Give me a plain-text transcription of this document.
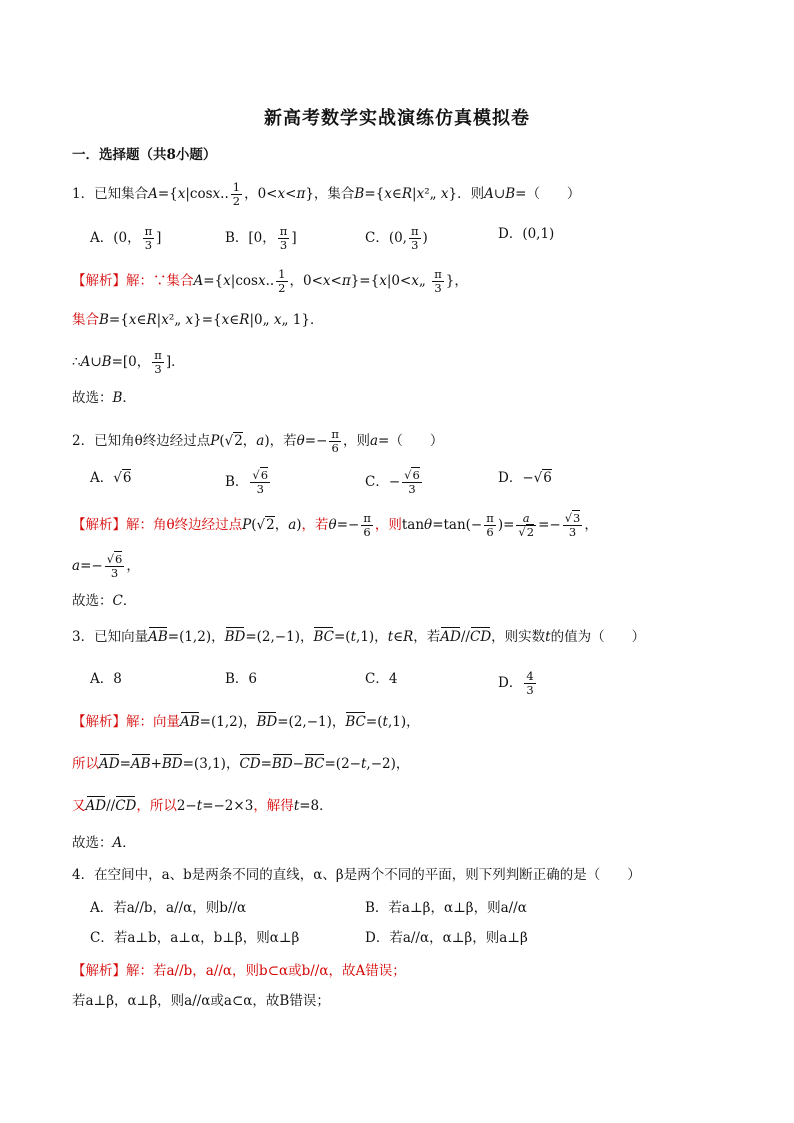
新高考数学实战演练仿真模拟卷
一．选择题（共8小题）
1．已知集合A={x|cosx.. $\frac{1}{2}$ ，0<x<π}，集合B={x∈R|x²„ x}．则A∪B=（　　）
A．(0， $\frac{\pi}{3}$ ]	B．[0， $\frac{\pi}{3}$ ]	C．(0, $\frac{\pi}{3}$ )	D．(0,1)
【解析】解：∵集合A={x|cosx.. $\frac{1}{2}$ ，0<x<π}={x|0<x„ $\frac{\pi}{3}$ }，
集合B={x∈R|x²„ x}={x∈R|0„ x„ 1}．
∴A∪B=[0， $\frac{\pi}{3}$ ]．
故选：B．
2．已知角θ终边经过点P(√2，a)，若$\theta=- \frac{\pi}{6}$ ，则a=（　　）
A．√6	B． $\frac{√6}{3}$	C．− $\frac{√6}{3}$	D．−√6
【解析】解：角θ终边经过点P(√2，a)，若$\theta=- \frac{\pi}{6}$ ，则$\tan\theta=\tan(- \frac{\pi}{6}$ )= $\frac{a}{√2} =- \frac{√3}{3}$ ，
$a=- \frac{√6}{3}$ ，
故选：C．
3．已知向量AB=(1,2)，BD=(2,−1)，BC=(t,1)，t∈R，若AD//CD，则实数t的值为（　　）
A．8	B．6	C．4	D． $\frac{4}{3}$
【解析】解：向量AB=(1,2)，BD=(2,−1)，BC=(t,1)，
所以AD=AB+BD=(3,1)，CD=BD−BC=(2−t,−2)，
又AD//CD，所以2−t=−2×3，解得t=8．
故选：A．
4．在空间中，a、b是两条不同的直线，α、β是两个不同的平面，则下列判断正确的是（　　）
A．若a//b，a//α，则b//α	B．若a⊥β，α⊥β，则a//α
C．若a⊥b，a⊥α，b⊥β，则α⊥β	D．若a//α，α⊥β，则a⊥β
【解析】解：若a//b，a//α，则b⊂α或b//α，故A错误；
若a⊥β，α⊥β，则a//α或a⊂α，故B错误；
